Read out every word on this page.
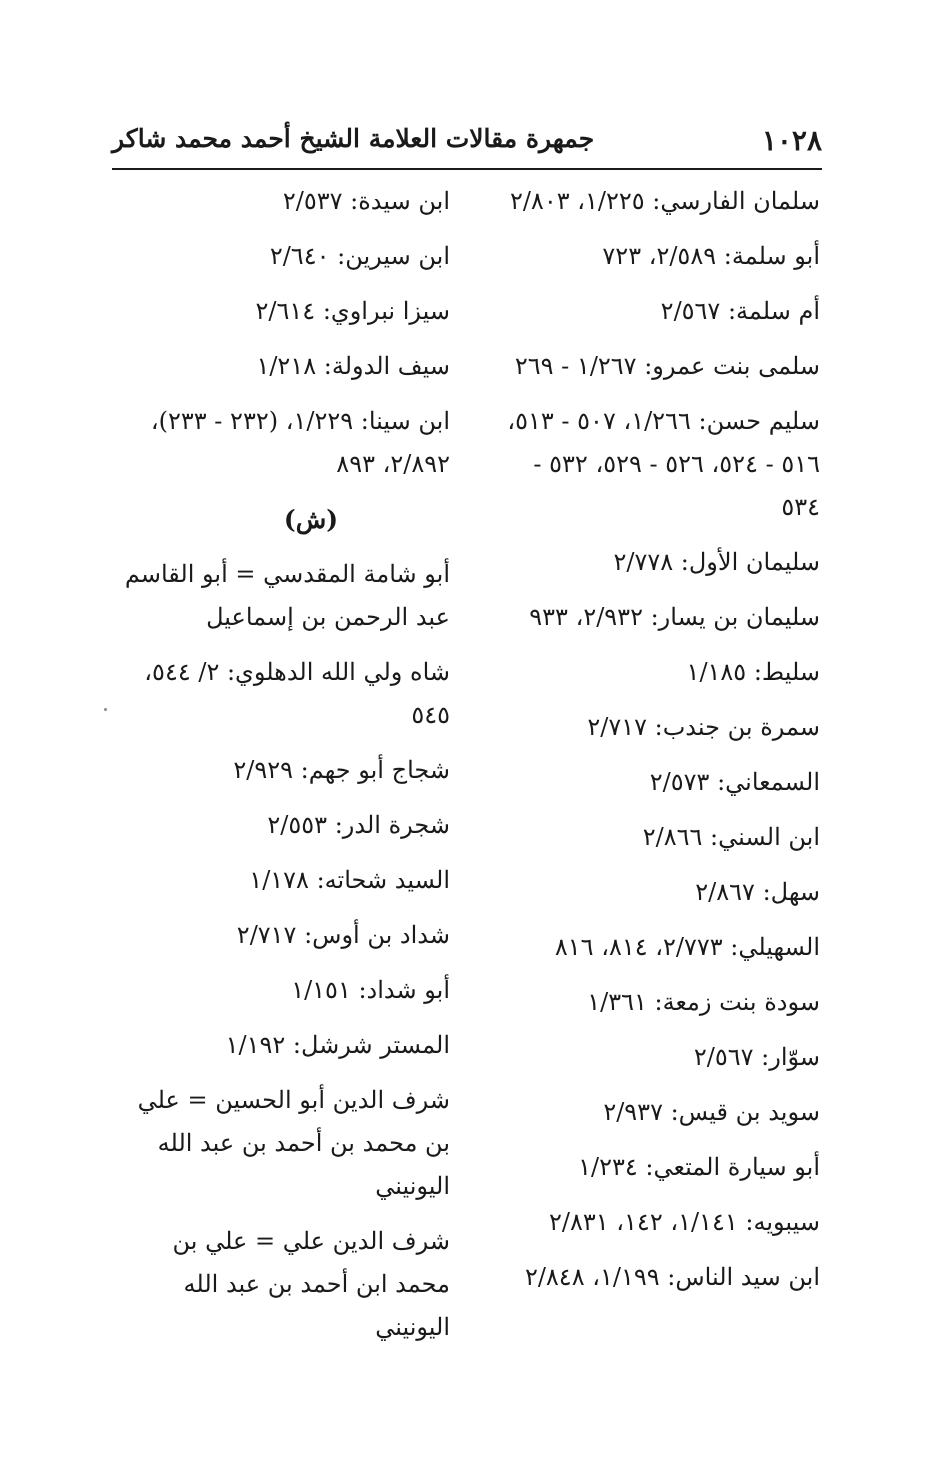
١٠٢٨
جمهرة مقالات العلامة الشيخ أحمد محمد شاكر

سلمان الفارسي: ١/٢٢٥، ٢/٨٠٣

أبو سلمة: ٢/٥٨٩، ٧٢٣

أم سلمة: ٢/٥٦٧

سلمى بنت عمرو: ١/٢٦٧ - ٢٦٩

سليم حسن: ١/٢٦٦، ٥٠٧ - ٥١٣، ٥١٦ - ٥٢٤، ٥٢٦ - ٥٢٩، ٥٣٢ - ٥٣٤

سليمان الأول: ٢/٧٧٨

سليمان بن يسار: ٢/٩٣٢، ٩٣٣

سليط: ١/١٨٥

سمرة بن جندب: ٢/٧١٧

السمعاني: ٢/٥٧٣

ابن السني: ٢/٨٦٦

سهل: ٢/٨٦٧

السهيلي: ٢/٧٧٣، ٨١٤، ٨١٦

سودة بنت زمعة: ١/٣٦١

سوّار: ٢/٥٦٧

سويد بن قيس: ٢/٩٣٧

أبو سيارة المتعي: ١/٢٣٤

سيبويه: ١/١٤١، ١٤٢، ٢/٨٣١

ابن سيد الناس: ١/١٩٩، ٢/٨٤٨

ابن سيدة: ٢/٥٣٧

ابن سيرين: ٢/٦٤٠

سيزا نبراوي: ٢/٦١٤

سيف الدولة: ١/٢١٨

ابن سينا: ١/٢٢٩، (٢٣٢ - ٢٣٣)، ٢/٨٩٢، ٨٩٣

(ش)

أبو شامة المقدسي = أبو القاسم عبد الرحمن بن إسماعيل

شاه ولي الله الدهلوي: ٢/ ٥٤٤، ٥٤٥

شجاج أبو جهم: ٢/٩٢٩

شجرة الدر: ٢/٥٥٣

السيد شحاته: ١/١٧٨

شداد بن أوس: ٢/٧١٧

أبو شداد: ١/١٥١

المستر شرشل: ١/١٩٢

شرف الدين أبو الحسين = علي بن محمد بن أحمد بن عبد الله اليونيني

شرف الدين علي = علي بن محمد ابن أحمد بن عبد الله اليونيني
